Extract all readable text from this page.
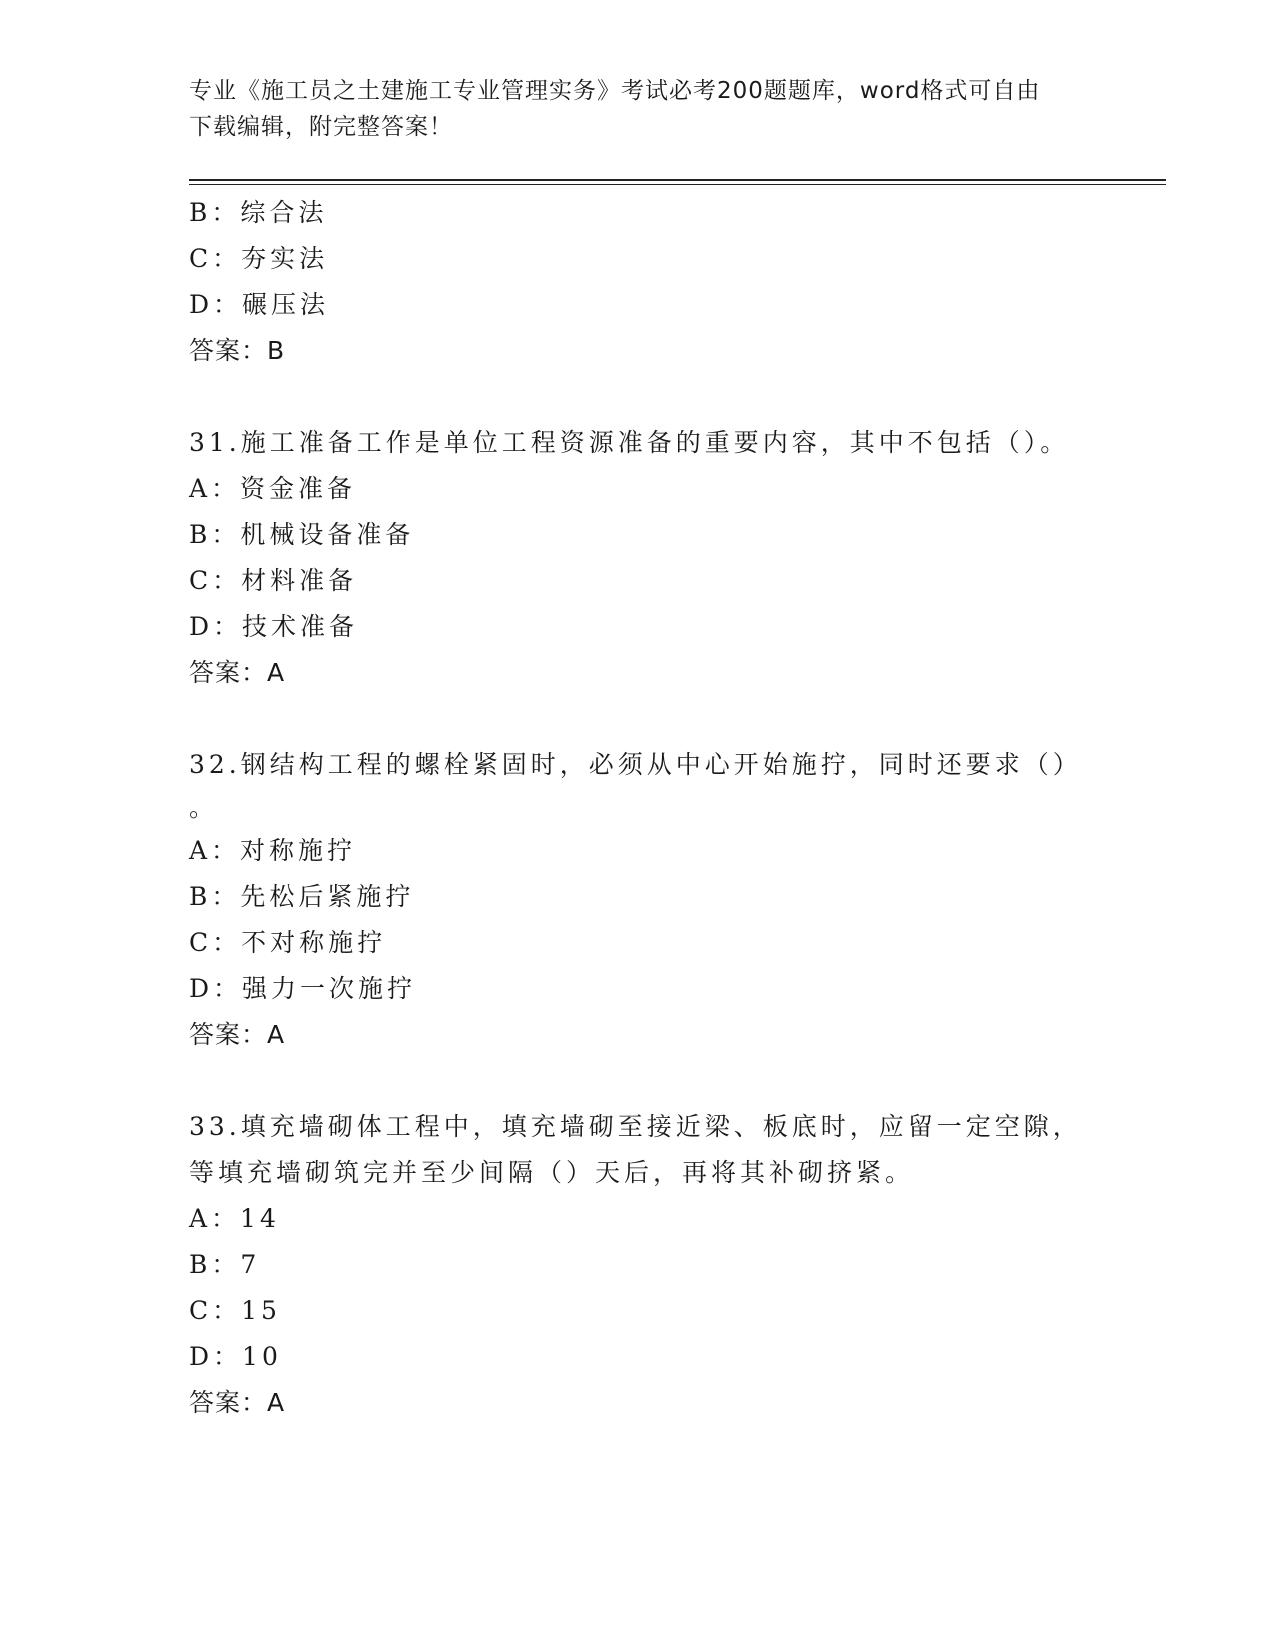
专业《施工员之土建施工专业管理实务》考试必考200题题库，word格式可自由
下载编辑，附完整答案！
B：综合法
C：夯实法
D：碾压法
答案：B
31.施工准备工作是单位工程资源准备的重要内容，其中不包括（）。
A：资金准备
B：机械设备准备
C：材料准备
D：技术准备
答案：A
32.钢结构工程的螺栓紧固时，必须从中心开始施拧，同时还要求（）
。
A：对称施拧
B：先松后紧施拧
C：不对称施拧
D：强力一次施拧
答案：A
33.填充墙砌体工程中，填充墙砌至接近梁、板底时，应留一定空隙，等填充墙砌筑完并至少间隔（）天后，再将其补砌挤紧。
A：14
B：7
C：15
D：10
答案：A
